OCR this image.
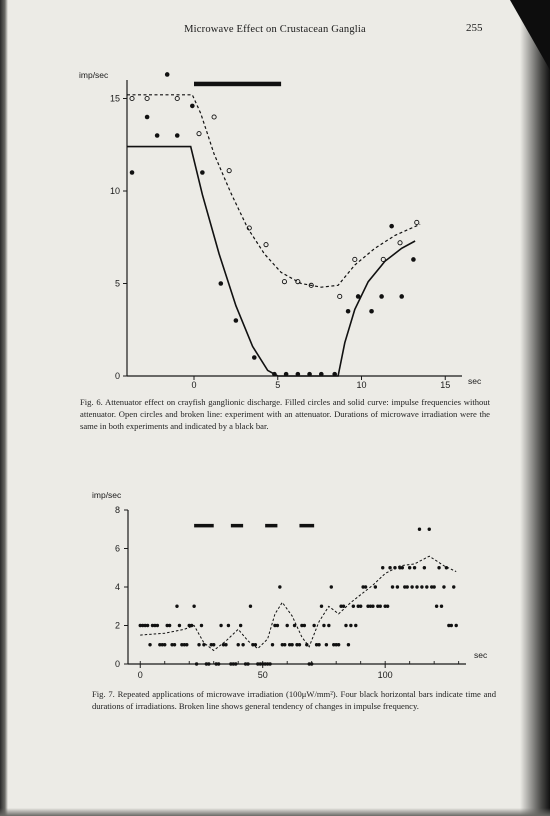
Microwave Effect on Crustacean Ganglia	255
0
5
10
15
0	5	10	15
imp/sec
sec
Fig. 6. Attenuator effect on crayfish ganglionic discharge. Filled circles and solid curve: impulse frequencies without attenuator. Open circles and broken line: experiment with an attenuator. Durations of microwave irradiation were the same in both experiments and indicated by a black bar.
0
2
4
6
8
0	50	100
imp/sec
sec
Fig. 7. Repeated applications of microwave irradiation (100μW/mm²). Four black horizontal bars indicate time and durations of irradiations. Broken line shows general tendency of changes in impulse frequency.
